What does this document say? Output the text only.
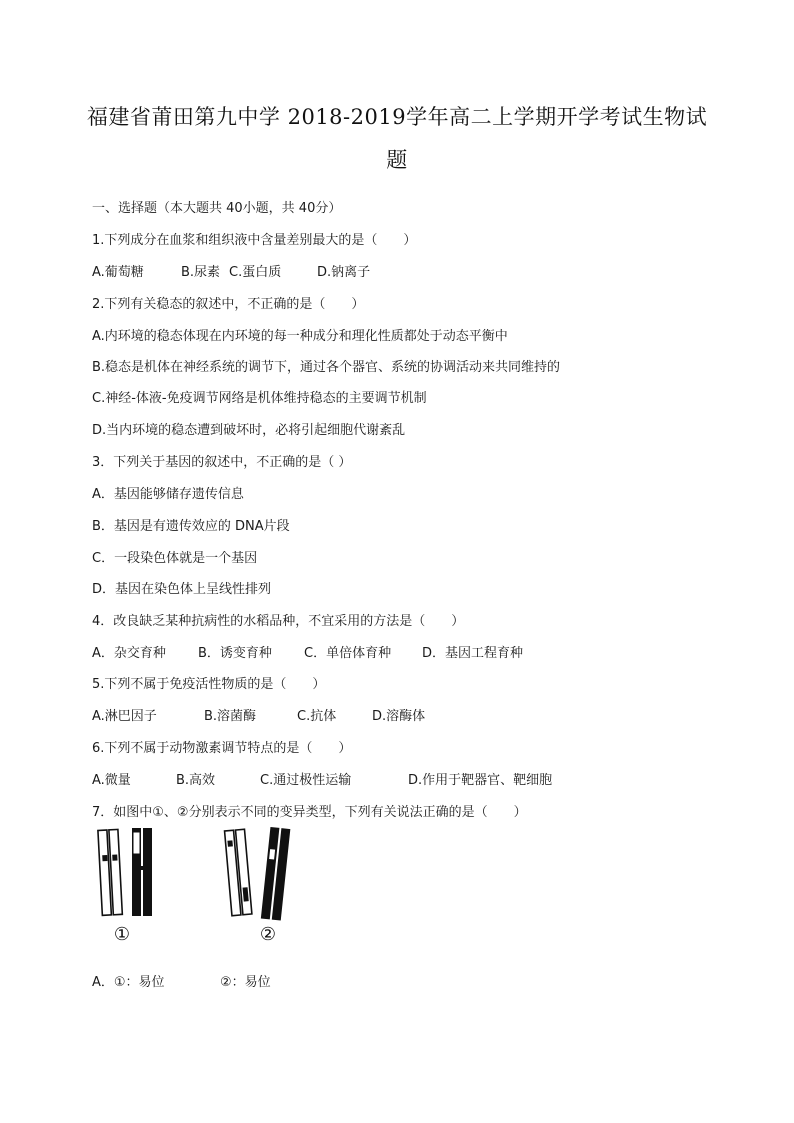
福建省莆田第九中学 2018-2019学年高二上学期开学考试生物试
题
一、选择题（本大题共 40小题，共 40分）
1.下列成分在血浆和组织液中含量差别最大的是（　　）
A.葡萄糖	B.尿素 C.蛋白质	D.钠离子
2.下列有关稳态的叙述中，不正确的是（　　）
A.内环境的稳态体现在内环境的每一种成分和理化性质都处于动态平衡中
B.稳态是机体在神经系统的调节下，通过各个器官、系统的协调活动来共同维持的
C.神经-体液-免疫调节网络是机体维持稳态的主要调节机制
D.当内环境的稳态遭到破坏时，必将引起细胞代谢紊乱
3．下列关于基因的叙述中，不正确的是（ ）
A．基因能够储存遗传信息
B．基因是有遗传效应的 DNA片段
C．一段染色体就是一个基因
D．基因在染色体上呈线性排列
4．改良缺乏某种抗病性的水稻品种，不宜采用的方法是（　　）
A．杂交育种 B．诱变育种 C．单倍体育种 D．基因工程育种
5.下列不属于免疫活性物质的是（　　）
A.淋巴因子	B.溶菌酶	C.抗体	D.溶酶体
6.下列不属于动物激素调节特点的是（　　）
A.微量	B.高效	C.通过极性运输	D.作用于靶器官、靶细胞
7．如图中①、②分别表示不同的变异类型，下列有关说法正确的是（　　）
①	②
A．①：易位	②：易位
